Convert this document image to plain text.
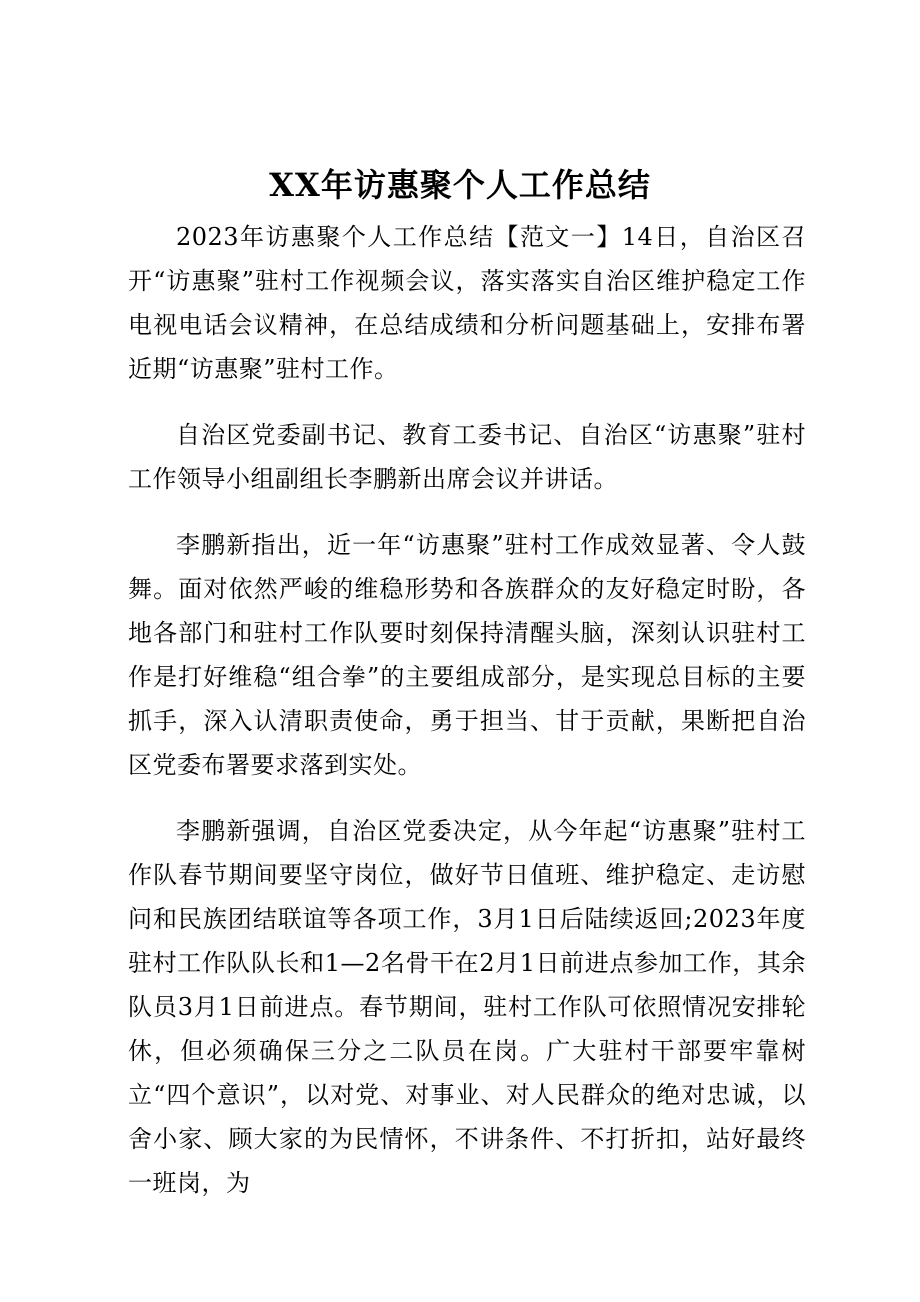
XX年访惠聚个人工作总结

2023年访惠聚个人工作总结【范文一】14日，自治区召开“访惠聚”驻村工作视频会议，落实落实自治区维护稳定工作电视电话会议精神，在总结成绩和分析问题基础上，安排布署近期“访惠聚”驻村工作。

自治区党委副书记、教育工委书记、自治区“访惠聚”驻村工作领导小组副组长李鹏新出席会议并讲话。

李鹏新指出，近一年“访惠聚”驻村工作成效显著、令人鼓舞。面对依然严峻的维稳形势和各族群众的友好稳定时盼，各地各部门和驻村工作队要时刻保持清醒头脑，深刻认识驻村工作是打好维稳“组合拳”的主要组成部分，是实现总目标的主要抓手，深入认清职责使命，勇于担当、甘于贡献，果断把自治区党委布署要求落到实处。

李鹏新强调，自治区党委决定，从今年起“访惠聚”驻村工作队春节期间要坚守岗位，做好节日值班、维护稳定、走访慰问和民族团结联谊等各项工作，3月1日后陆续返回;2023年度驻村工作队队长和1—2名骨干在2月1日前进点参加工作，其余队员3月1日前进点。春节期间，驻村工作队可依照情况安排轮休，但必须确保三分之二队员在岗。广大驻村干部要牢靠树立“四个意识”，以对党、对事业、对人民群众的绝对忠诚，以舍小家、顾大家的为民情怀，不讲条件、不打折扣，站好最终一班岗，为
